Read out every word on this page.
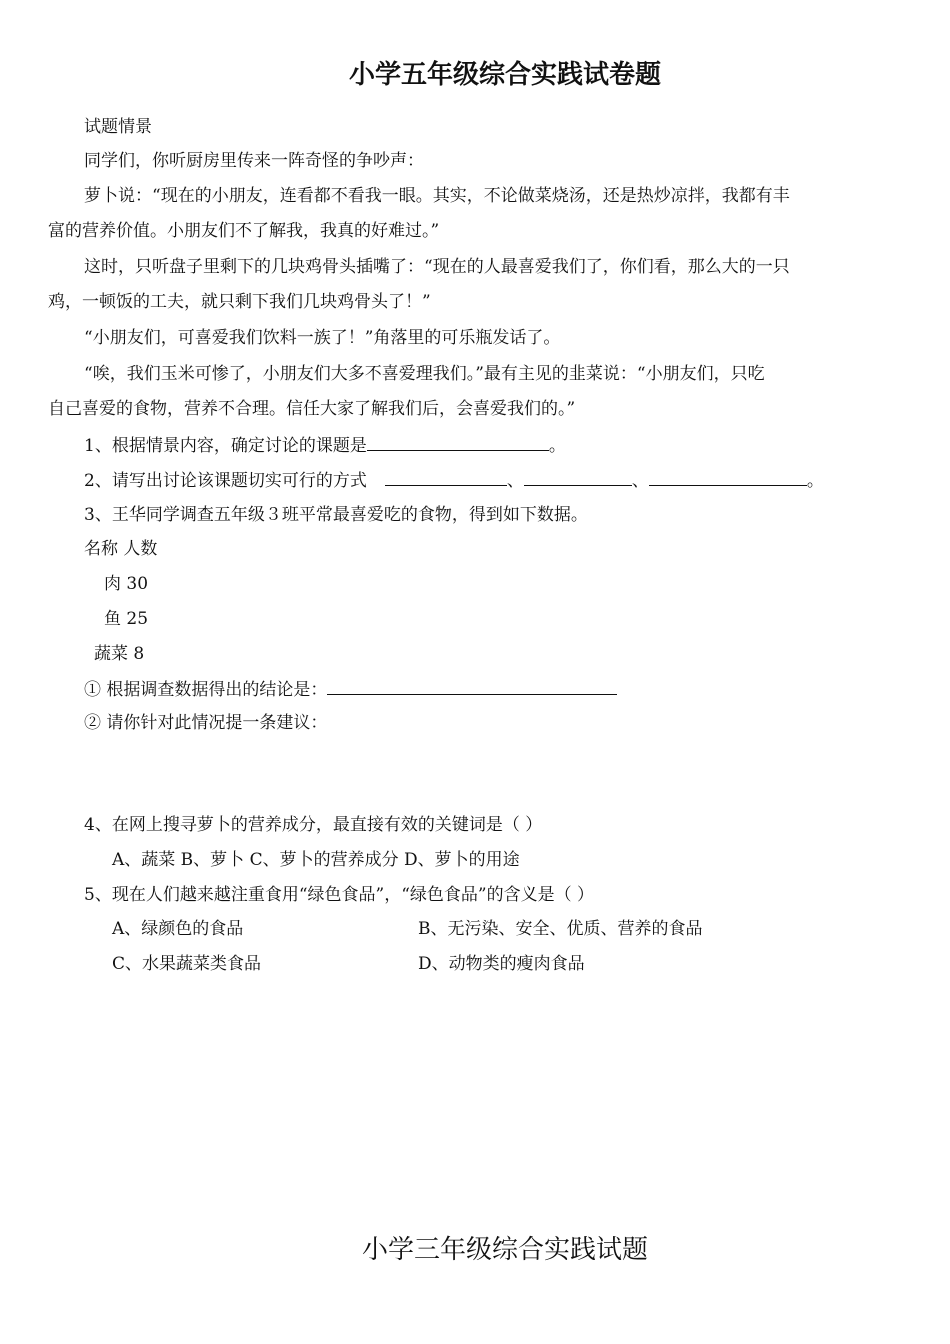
小学五年级综合实践试卷题
试题情景
同学们，你听厨房里传来一阵奇怪的争吵声：
萝卜说：“现在的小朋友，连看都不看我一眼。其实，不论做菜烧汤，还是热炒凉拌，我都有丰
富的营养价值。小朋友们不了解我，我真的好难过。”
这时，只听盘子里剩下的几块鸡骨头插嘴了：“现在的人最喜爱我们了，你们看，那么大的一只
鸡，一顿饭的工夫，就只剩下我们几块鸡骨头了！”
“小朋友们，可喜爱我们饮料一族了！”角落里的可乐瓶发话了。
“唉，我们玉米可惨了，小朋友们大多不喜爱理我们。”最有主见的韭菜说：“小朋友们，只吃
自己喜爱的食物，营养不合理。信任大家了解我们后，会喜爱我们的。”
1、根据情景内容，确定讨论的课题是	。
2、请写出讨论该课题切实可行的方式	、	、	。
3、王华同学调查五年级３班平常最喜爱吃的食物，得到如下数据。
名称 人数
肉 30
鱼 25
蔬菜 8
① 根据调查数据得出的结论是：
② 请你针对此情况提一条建议：
4、在网上搜寻萝卜的营养成分，最直接有效的关键词是（ ）
A、蔬菜 B、萝卜 C、萝卜的营养成分 D、萝卜的用途
5、现在人们越来越注重食用“绿色食品”，“绿色食品”的含义是（ ）
A、绿颜色的食品	B、无污染、安全、优质、营养的食品
C、水果蔬菜类食品	D、动物类的瘦肉食品
小学三年级综合实践试题
